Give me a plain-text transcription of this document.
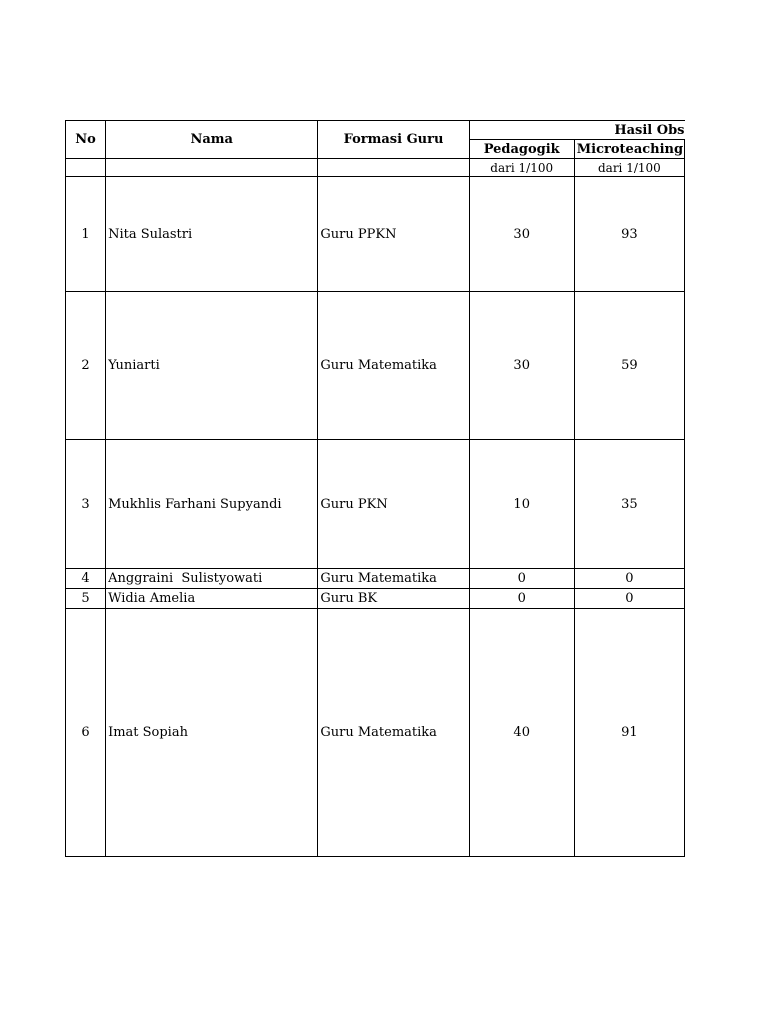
No	Nama	Formasi Guru	Hasil Obs	
			Pedagogik	Microteaching
			dari 1/100	dari 1/100
1	Nita Sulastri	Guru PPKN	30	93
2	Yuniarti	Guru Matematika	30	59
3	Mukhlis Farhani Supyandi	Guru PKN	10	35
4	Anggraini  Sulistyowati	Guru Matematika	0	0
5	Widia Amelia	Guru BK	0	0
6	Imat Sopiah	Guru Matematika	40	91
